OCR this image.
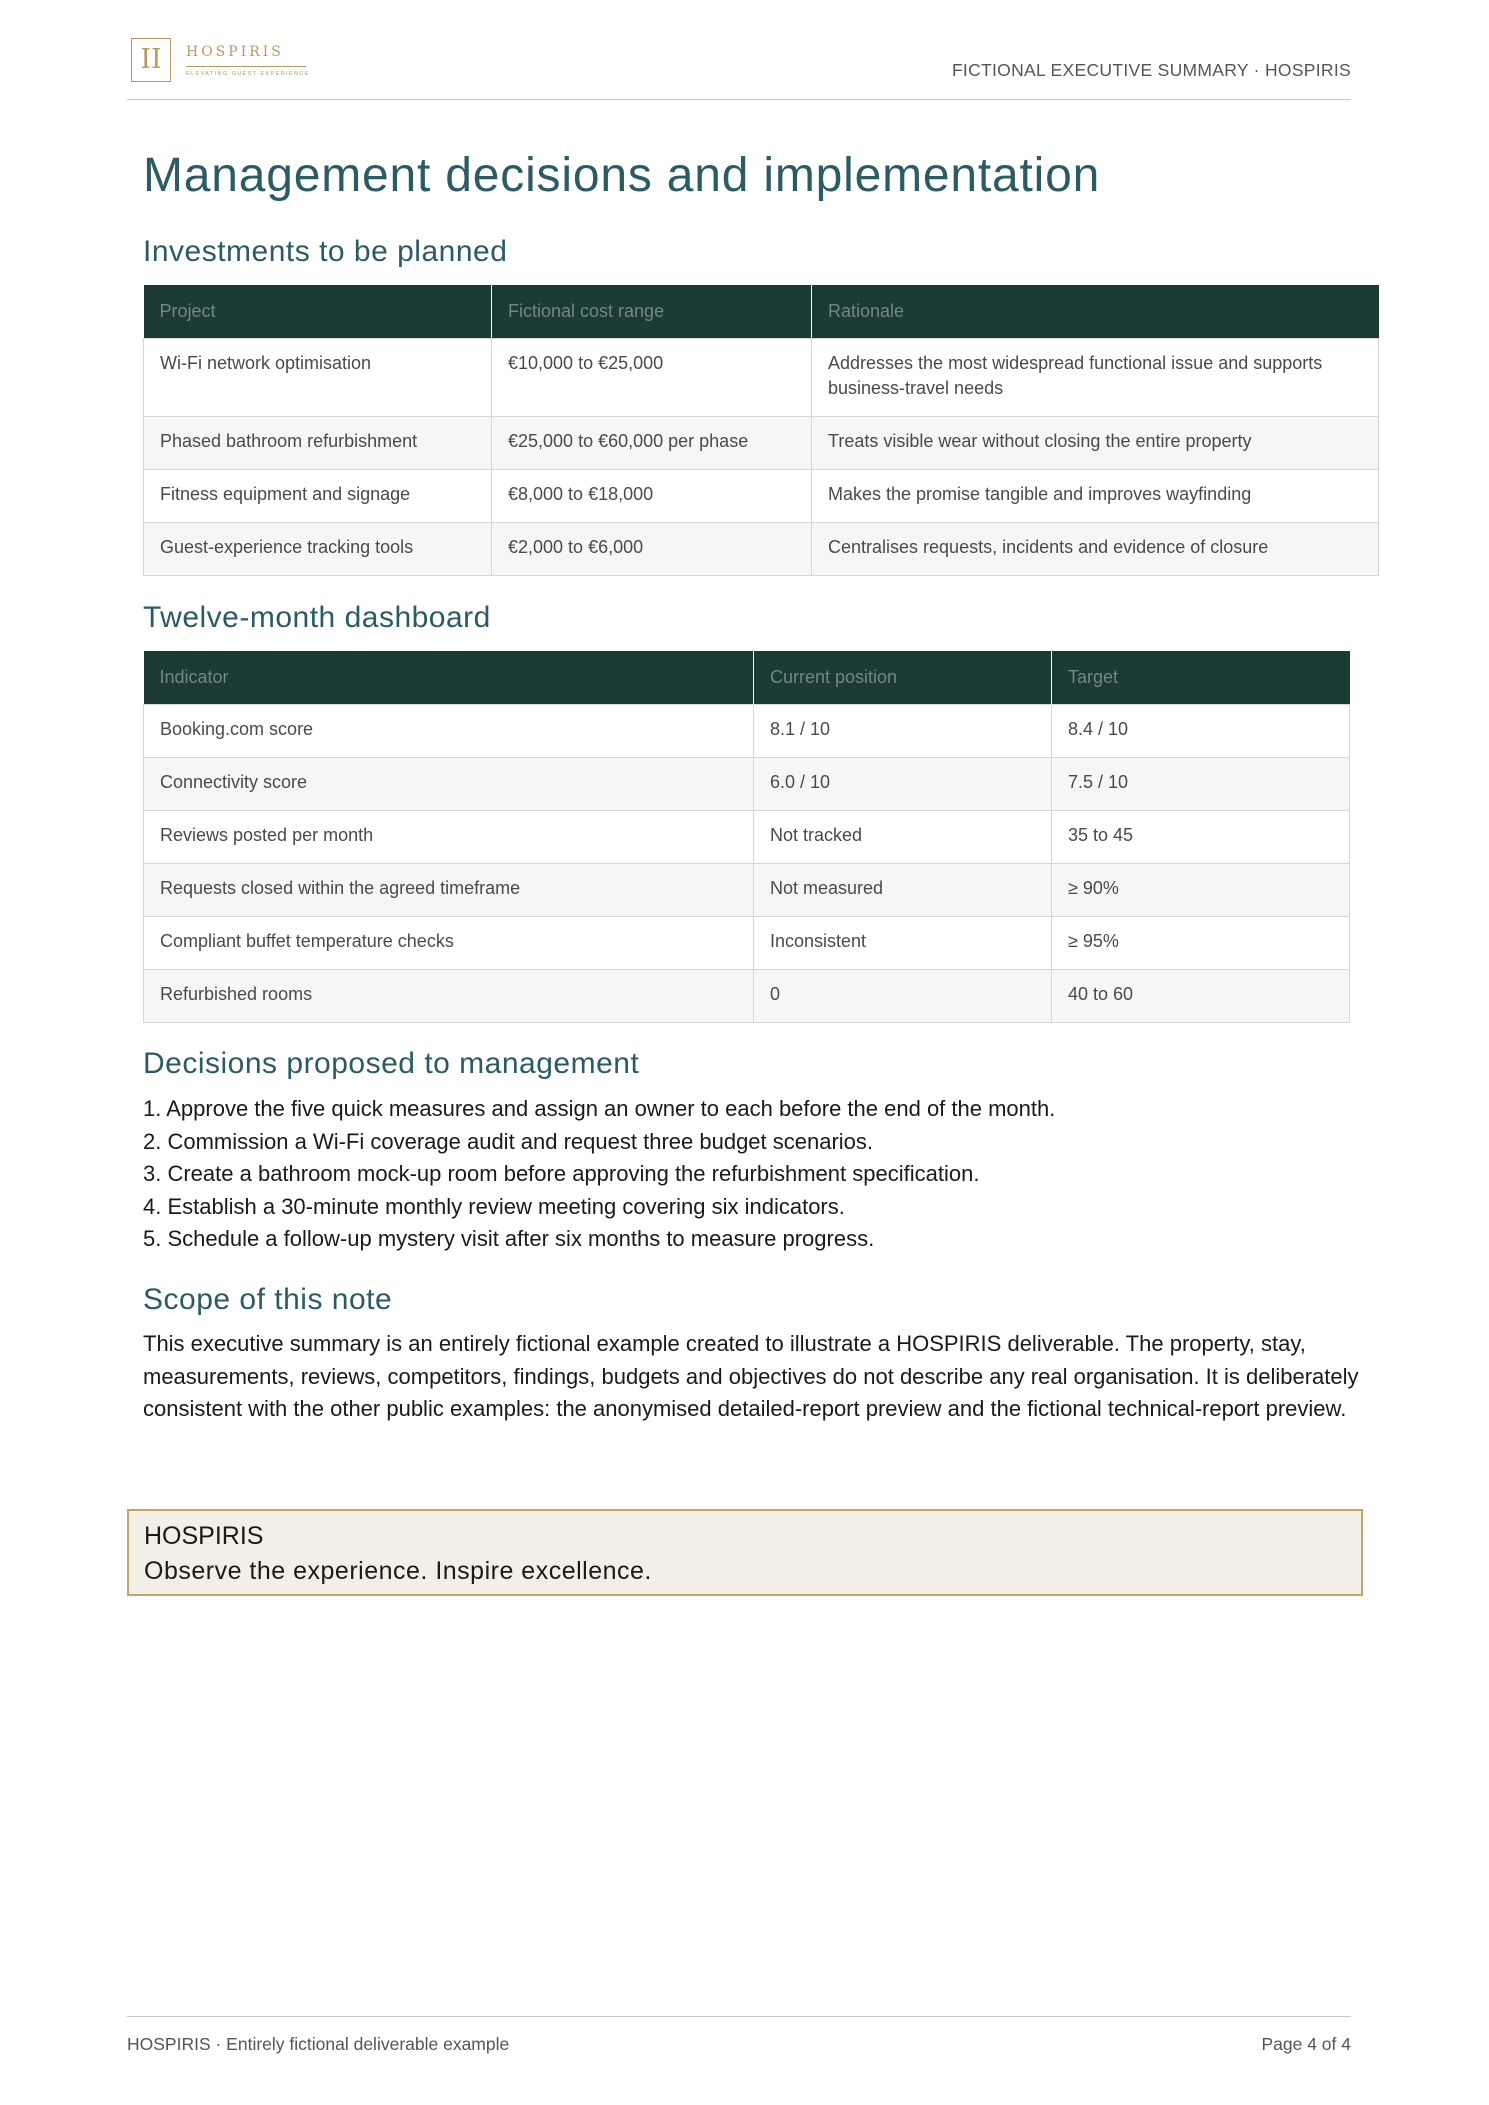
II	HOSPIRIS
ELEVATING GUEST EXPERIENCE	FICTIONAL EXECUTIVE SUMMARY · HOSPIRIS
Management decisions and implementation
Investments to be planned
Project	Fictional cost range	Rationale
Wi-Fi network optimisation	€10,000 to €25,000	Addresses the most widespread functional issue and supports business-travel needs
Phased bathroom refurbishment	€25,000 to €60,000 per phase	Treats visible wear without closing the entire property
Fitness equipment and signage	€8,000 to €18,000	Makes the promise tangible and improves wayfinding
Guest-experience tracking tools	€2,000 to €6,000	Centralises requests, incidents and evidence of closure
Twelve-month dashboard
Indicator	Current position	Target
Booking.com score	8.1 / 10	8.4 / 10
Connectivity score	6.0 / 10	7.5 / 10
Reviews posted per month	Not tracked	35 to 45
Requests closed within the agreed timeframe	Not measured	≥ 90%
Compliant buffet temperature checks	Inconsistent	≥ 95%
Refurbished rooms	0	40 to 60
Decisions proposed to management
1. Approve the five quick measures and assign an owner to each before the end of the month.
2. Commission a Wi-Fi coverage audit and request three budget scenarios.
3. Create a bathroom mock-up room before approving the refurbishment specification.
4. Establish a 30-minute monthly review meeting covering six indicators.
5. Schedule a follow-up mystery visit after six months to measure progress.
Scope of this note

This executive summary is an entirely fictional example created to illustrate a HOSPIRIS deliverable. The property, stay, measurements, reviews, competitors, findings, budgets and objectives do not describe any real organisation. It is deliberately consistent with the other public examples: the anonymised detailed-report preview and the fictional technical-report preview.

HOSPIRIS
Observe the experience. Inspire excellence.
HOSPIRIS · Entirely fictional deliverable example	Page 4 of 4
